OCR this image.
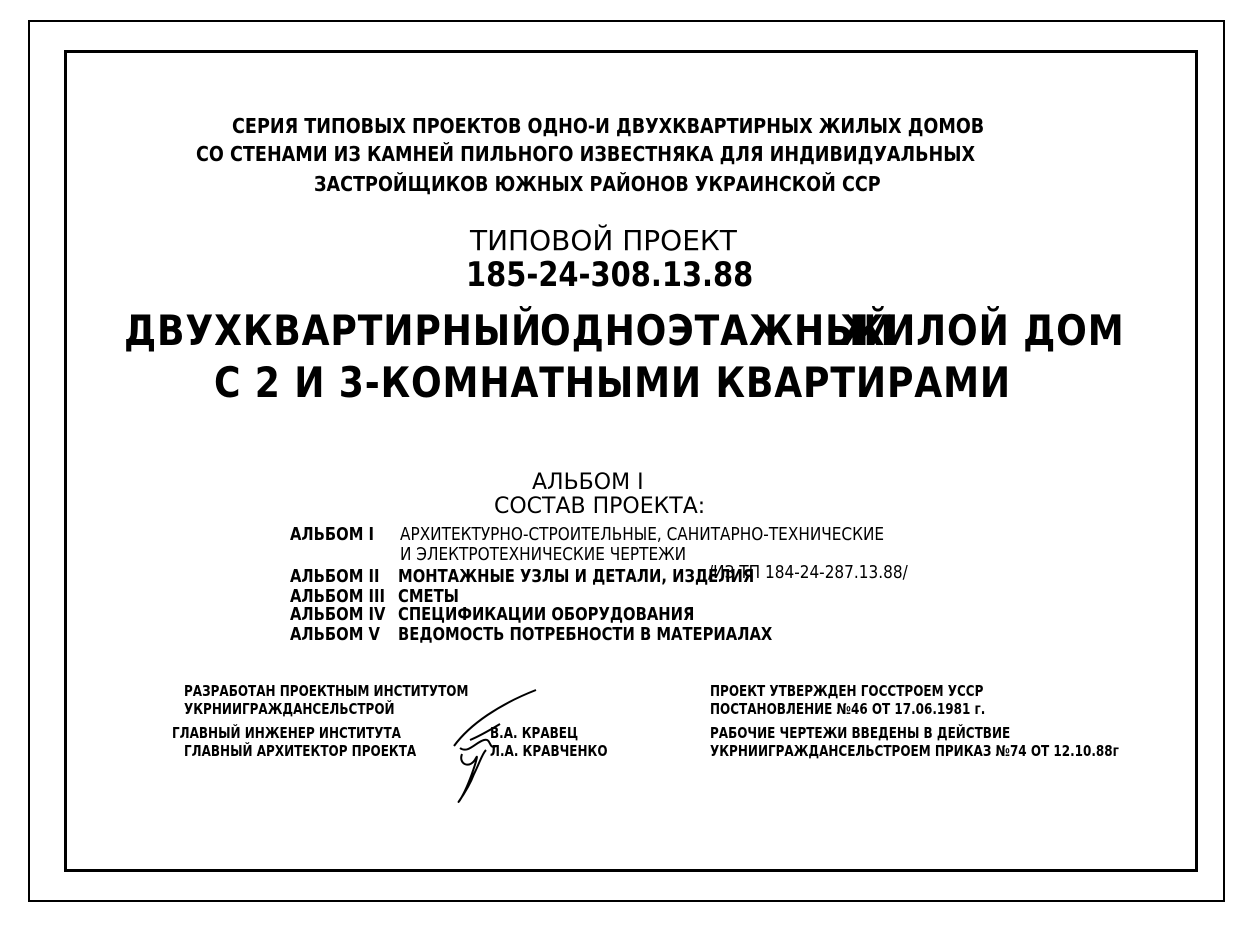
СЕРИЯ ТИПОВЫХ ПРОЕКТОВ ОДНО-И ДВУХКВАРТИРНЫХ ЖИЛЫХ ДОМОВ
СО СТЕНАМИ ИЗ КАМНЕЙ ПИЛЬНОГО ИЗВЕСТНЯКА ДЛЯ ИНДИВИДУАЛЬНЫХ
ЗАСТРОЙЩИКОВ ЮЖНЫХ РАЙОНОВ УКРАИНСКОЙ ССР
ТИПОВОЙ ПРОЕКТ
185-24-308.13.88
ДВУХКВАРТИРНЫЙ
ОДНОЭТАЖНЫЙ
ЖИЛОЙ ДОМ
С 2 И 3-КОМНАТНЫМИ КВАРТИРАМИ
АЛЬБОМ I
СОСТАВ ПРОЕКТА:
АЛЬБОМ I АРХИТЕКТУРНО-СТРОИТЕЛЬНЫЕ, САНИТАРНО-ТЕХНИЧЕСКИЕ
И ЭЛЕКТРОТЕХНИЧЕСКИЕ ЧЕРТЕЖИ
АЛЬБОМ II МОНТАЖНЫЕ УЗЛЫ И ДЕТАЛИ, ИЗДЕЛИЯ
/ИЗ ТП 184-24-287.13.88/
АЛЬБОМ III СМЕТЫ
АЛЬБОМ IV СПЕЦИФИКАЦИИ ОБОРУДОВАНИЯ
АЛЬБОМ V ВЕДОМОСТЬ ПОТРЕБНОСТИ В МАТЕРИАЛАХ
РАЗРАБОТАН ПРОЕКТНЫМ ИНСТИТУТОМ
УКРНИИГРАЖДАНСЕЛЬСТРОЙ
ГЛАВНЫЙ ИНЖЕНЕР ИНСТИТУТА	В.А. КРАВЕЦ
ГЛАВНЫЙ АРХИТЕКТОР ПРОЕКТА	Л.А. КРАВЧЕНКО
ПРОЕКТ УТВЕРЖДЕН ГОССТРОЕМ УССР
ПОСТАНОВЛЕНИЕ №46 ОТ 17.06.1981 г.
РАБОЧИЕ ЧЕРТЕЖИ ВВЕДЕНЫ В ДЕЙСТВИЕ
УКРНИИГРАЖДАНСЕЛЬСТРОЕМ ПРИКАЗ №74 ОТ 12.10.88г
